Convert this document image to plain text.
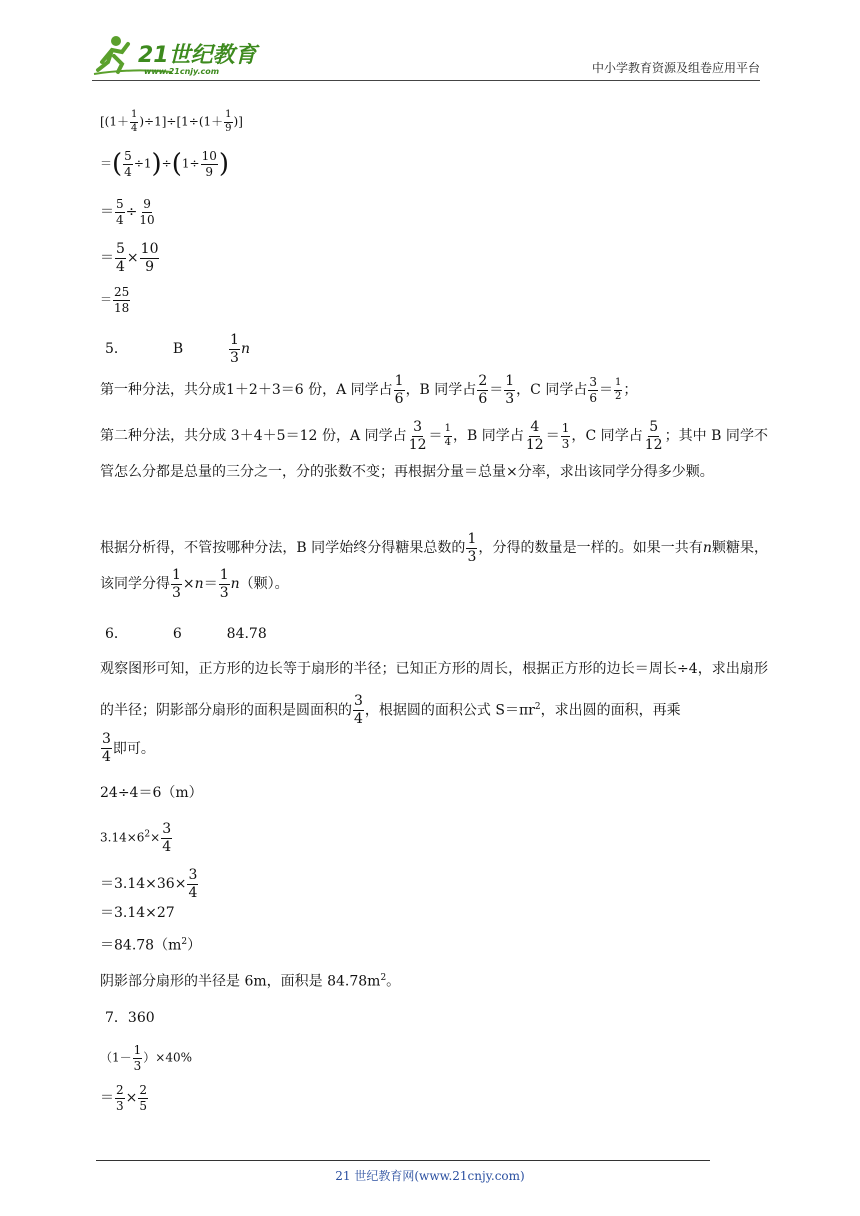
21世纪教育
www.21cnjy.com	中小学教育资源及组卷应用平台
$[(1+ \frac{1}{4} )\div 1]\div[1\div(1+ \frac{1}{9}$ )]
＝( $\frac{5}{4} \div 1)\div(1\div \frac{10}{9}$ )
＝ $\frac{5}{4} \div \frac{9}{10}$
＝ $\frac{5}{4} \times \frac{10}{9}$
＝ $\frac{25}{18}$
5．	B	$\frac{1}{3}$ n
第一种分法，共分成1＋2＋3＝6 份，A 同学占 $\frac{1}{6}$ ，B 同学占 $\frac{2}{6} = \frac{1}{3}$ ，C 同学占 $\frac{3}{6} = \frac{1}{2}$ ；
第二种分法，共分成 3＋4＋5＝12 份，A 同学占 $\frac{3}{12} = \frac{1}{4}$ ，B 同学占 $\frac{4}{12} = \frac{1}{3}$ ，C 同学占 $\frac{5}{12}$ ；其中 B 同学不管怎么分都是总量的三分之一，分的张数不变；再根据分量＝总量×分率，求出该同学分得多少颗。
根据分析得，不管按哪种分法，B 同学始终分得糖果总数的 $\frac{1}{3}$ ，分得的数量是一样的。如果一共有n颗糖果，该同学分得 $\frac{1}{3} \times n= \frac{1}{3} n$（颗）。
6．	6	84.78
观察图形可知，正方形的边长等于扇形的半径；已知正方形的周长，根据正方形的边长＝周长÷4，求出扇形的半径；阴影部分扇形的面积是圆面积的 $\frac{3}{4}$ ，根据圆的面积公式 $S=\pi r^2$，求出圆的面积，再乘

$\frac{3}{4}$ 即可。
24÷4＝6（m）
$3.14\times 6^2\times \frac{3}{4}$
$=3.14\times 36\times \frac{3}{4}$
＝3.14×27
$=84.78(m^2)$
阴影部分扇形的半径是 6m，面积是 $84.78m^2$。
7．360
$(1- \frac{1}{3} )\times 40\%$
＝ $\frac{2}{3} \times \frac{2}{5}$
21 世纪教育网(www.21cnjy.com)
